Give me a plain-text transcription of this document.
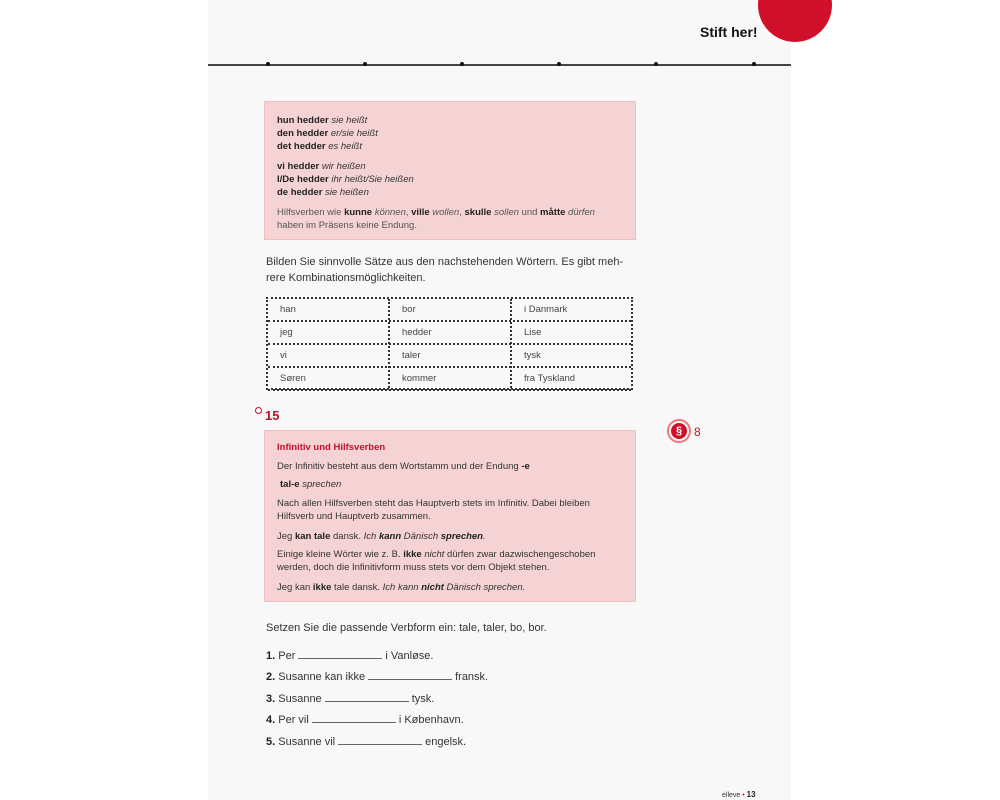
Stift her!

hun hedder sie heißt

den hedder er/sie heißt

det hedder es heißt

vi hedder wir heißen

I/De hedder ihr heißt/Sie heißen

de hedder sie heißen

Hilfsverben wie kunne können, ville wollen, skulle sollen und måtte dürfen

haben im Präsens keine Endung.

Bilden Sie sinnvolle Sätze aus den nachstehenden Wörtern. Es gibt meh-
rere Kombinationsmöglichkeiten.
han	bor	i Danmark
jeg	hedder	Lise
vi	taler	tysk
Søren	kommer	fra Tyskland
15
§ 8

Infinitiv und Hilfsverben

Der Infinitiv besteht aus dem Wortstamm und der Endung -e

tal-e sprechen

Nach allen Hilfsverben steht das Hauptverb stets im Infinitiv. Dabei bleiben
Hilfsverb und Hauptverb zusammen.

Jeg kan tale dansk. Ich kann Dänisch sprechen.

Einige kleine Wörter wie z. B. ikke nicht dürfen zwar dazwischengeschoben
werden, doch die Infinitivform muss stets vor dem Objekt stehen.

Jeg kan ikke tale dansk. Ich kann nicht Dänisch sprechen.

Setzen Sie die passende Verbform ein: tale, taler, bo, bor.
1. Per	i Vanløse.
2. Susanne kan ikke	fransk.
3. Susanne	tysk.
4. Per vil	i København.
5. Susanne vil	engelsk.
elleve • 13
